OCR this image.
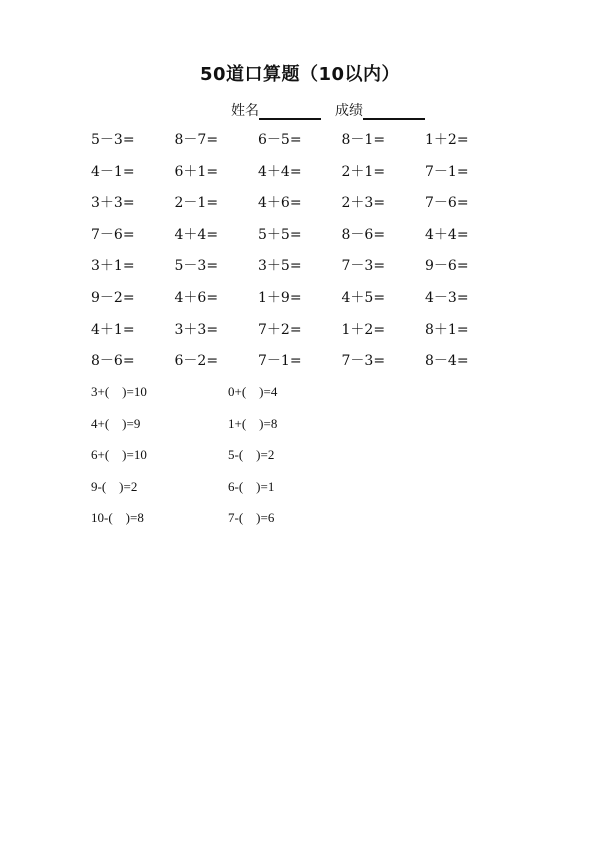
50道口算题（10以内）
姓名	成绩
5－3=	8－7=	6－5=	8－1=	1＋2=
4－1=	6＋1=	4＋4=	2＋1=	7－1=
3＋3=	2－1=	4＋6=	2＋3=	7－6=
7－6=	4＋4=	5＋5=	8－6=	4＋4=
3＋1=	5－3=	3＋5=	7－3=	9－6=
9－2=	4＋6=	1＋9=	4＋5=	4－3=
4＋1=	3＋3=	7＋2=	1＋2=	8＋1=
8－6=	6－2=	7－1=	7－3=	8－4=
3+(    )=10	0+(    )=4
4+(    )=9	1+(    )=8
6+(    )=10	5-(    )=2
9-(    )=2	6-(    )=1
10-(    )=8	7-(    )=6
